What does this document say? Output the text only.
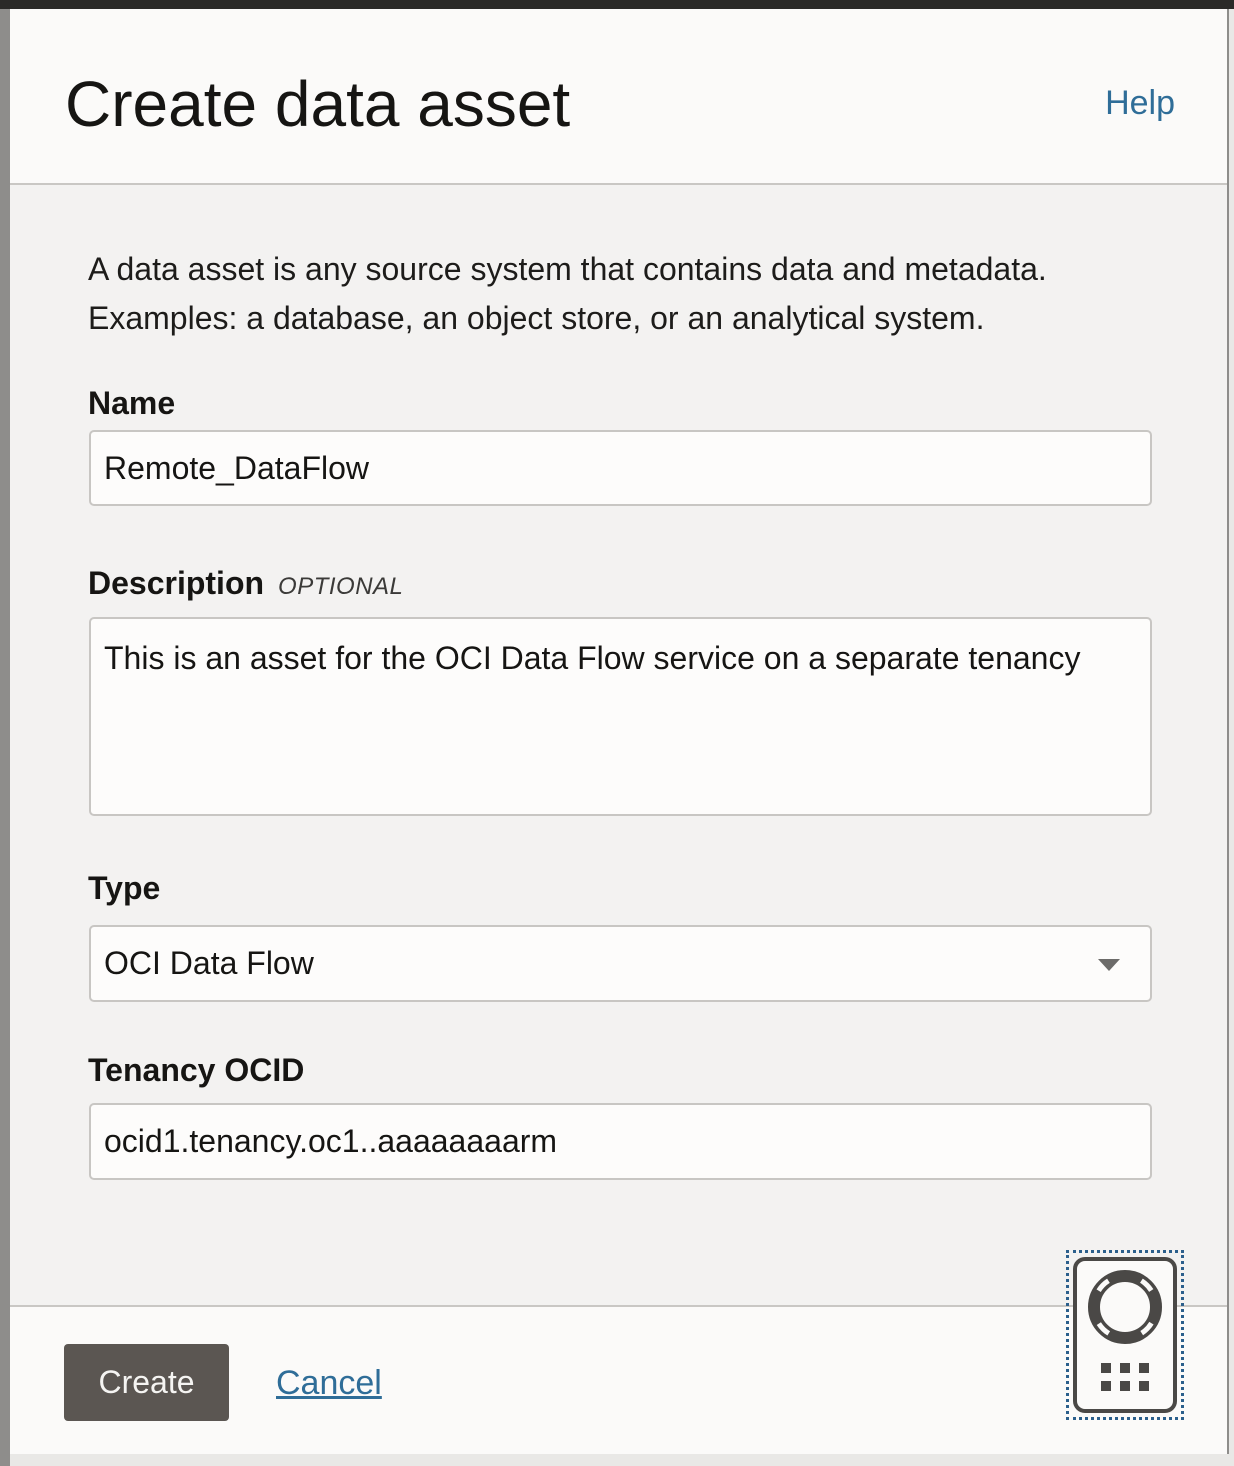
Create data asset	Help
A data asset is any source system that contains data and metadata.
Examples: a database, an object store, or an analytical system.
Name
Remote_DataFlow
Description OPTIONAL
This is an asset for the OCI Data Flow service on a separate tenancy
Type
OCI Data Flow
Tenancy OCID
ocid1.tenancy.oc1..aaaaaaaarm
Create	Cancel
